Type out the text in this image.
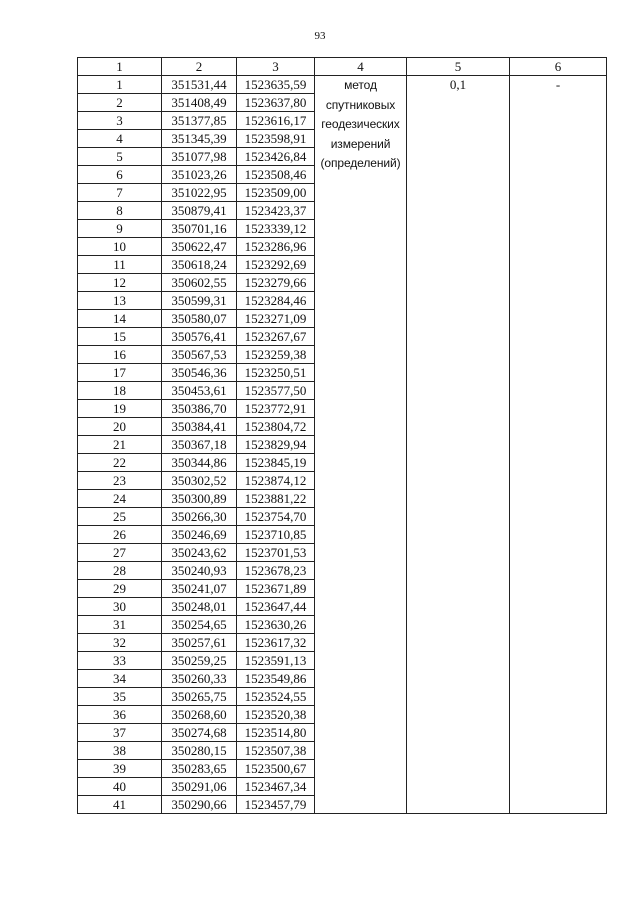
93
1	2	3	4	5	6
1	351531,44	1523635,59	метод
спутниковых
геодезических
измерений
(определений)	0,1	-

2	351408,49	1523637,80			
3	351377,85	1523616,17			
4	351345,39	1523598,91			
5	351077,98	1523426,84			
6	351023,26	1523508,46			
7	351022,95	1523509,00			
8	350879,41	1523423,37			
9	350701,16	1523339,12			
10	350622,47	1523286,96			
11	350618,24	1523292,69			
12	350602,55	1523279,66			
13	350599,31	1523284,46			
14	350580,07	1523271,09			
15	350576,41	1523267,67			
16	350567,53	1523259,38			
17	350546,36	1523250,51			
18	350453,61	1523577,50			
19	350386,70	1523772,91			
20	350384,41	1523804,72			
21	350367,18	1523829,94			
22	350344,86	1523845,19			
23	350302,52	1523874,12			
24	350300,89	1523881,22			
25	350266,30	1523754,70			
26	350246,69	1523710,85			
27	350243,62	1523701,53			
28	350240,93	1523678,23			
29	350241,07	1523671,89			
30	350248,01	1523647,44			
31	350254,65	1523630,26			
32	350257,61	1523617,32			
33	350259,25	1523591,13			
34	350260,33	1523549,86			
35	350265,75	1523524,55			
36	350268,60	1523520,38			
37	350274,68	1523514,80			
38	350280,15	1523507,38			
39	350283,65	1523500,67			
40	350291,06	1523467,34			
41	350290,66	1523457,79			
